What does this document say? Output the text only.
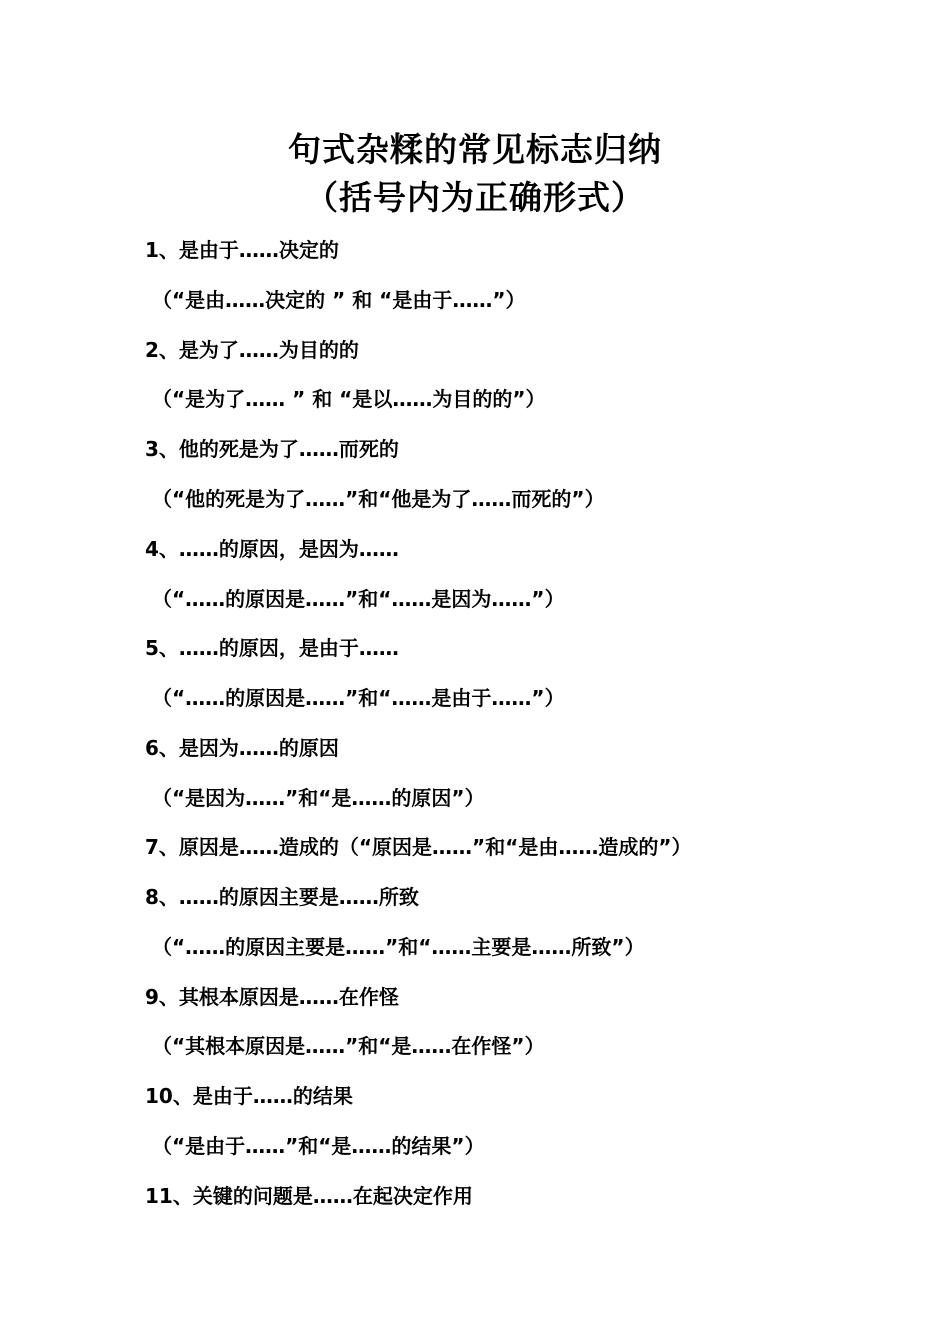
句式杂糅的常见标志归纳
（括号内为正确形式）
1、是由于……决定的
（“是由……决定的 ” 和 “是由于……”）
2、是为了……为目的的
（“是为了…… ” 和 “是以……为目的的”）
3、他的死是为了……而死的
（“他的死是为了……”和“他是为了……而死的”）
4、……的原因，是因为……
（“……的原因是……”和“……是因为……”）
5、……的原因，是由于……
（“……的原因是……”和“……是由于……”）
6、是因为……的原因
（“是因为……”和“是……的原因”）
7、原因是……造成的（“原因是……”和“是由……造成的”）
8、……的原因主要是……所致
（“……的原因主要是……”和“……主要是……所致”）
9、其根本原因是……在作怪
（“其根本原因是……”和“是……在作怪”）
10、是由于……的结果
（“是由于……”和“是……的结果”）
11、关键的问题是……在起决定作用
